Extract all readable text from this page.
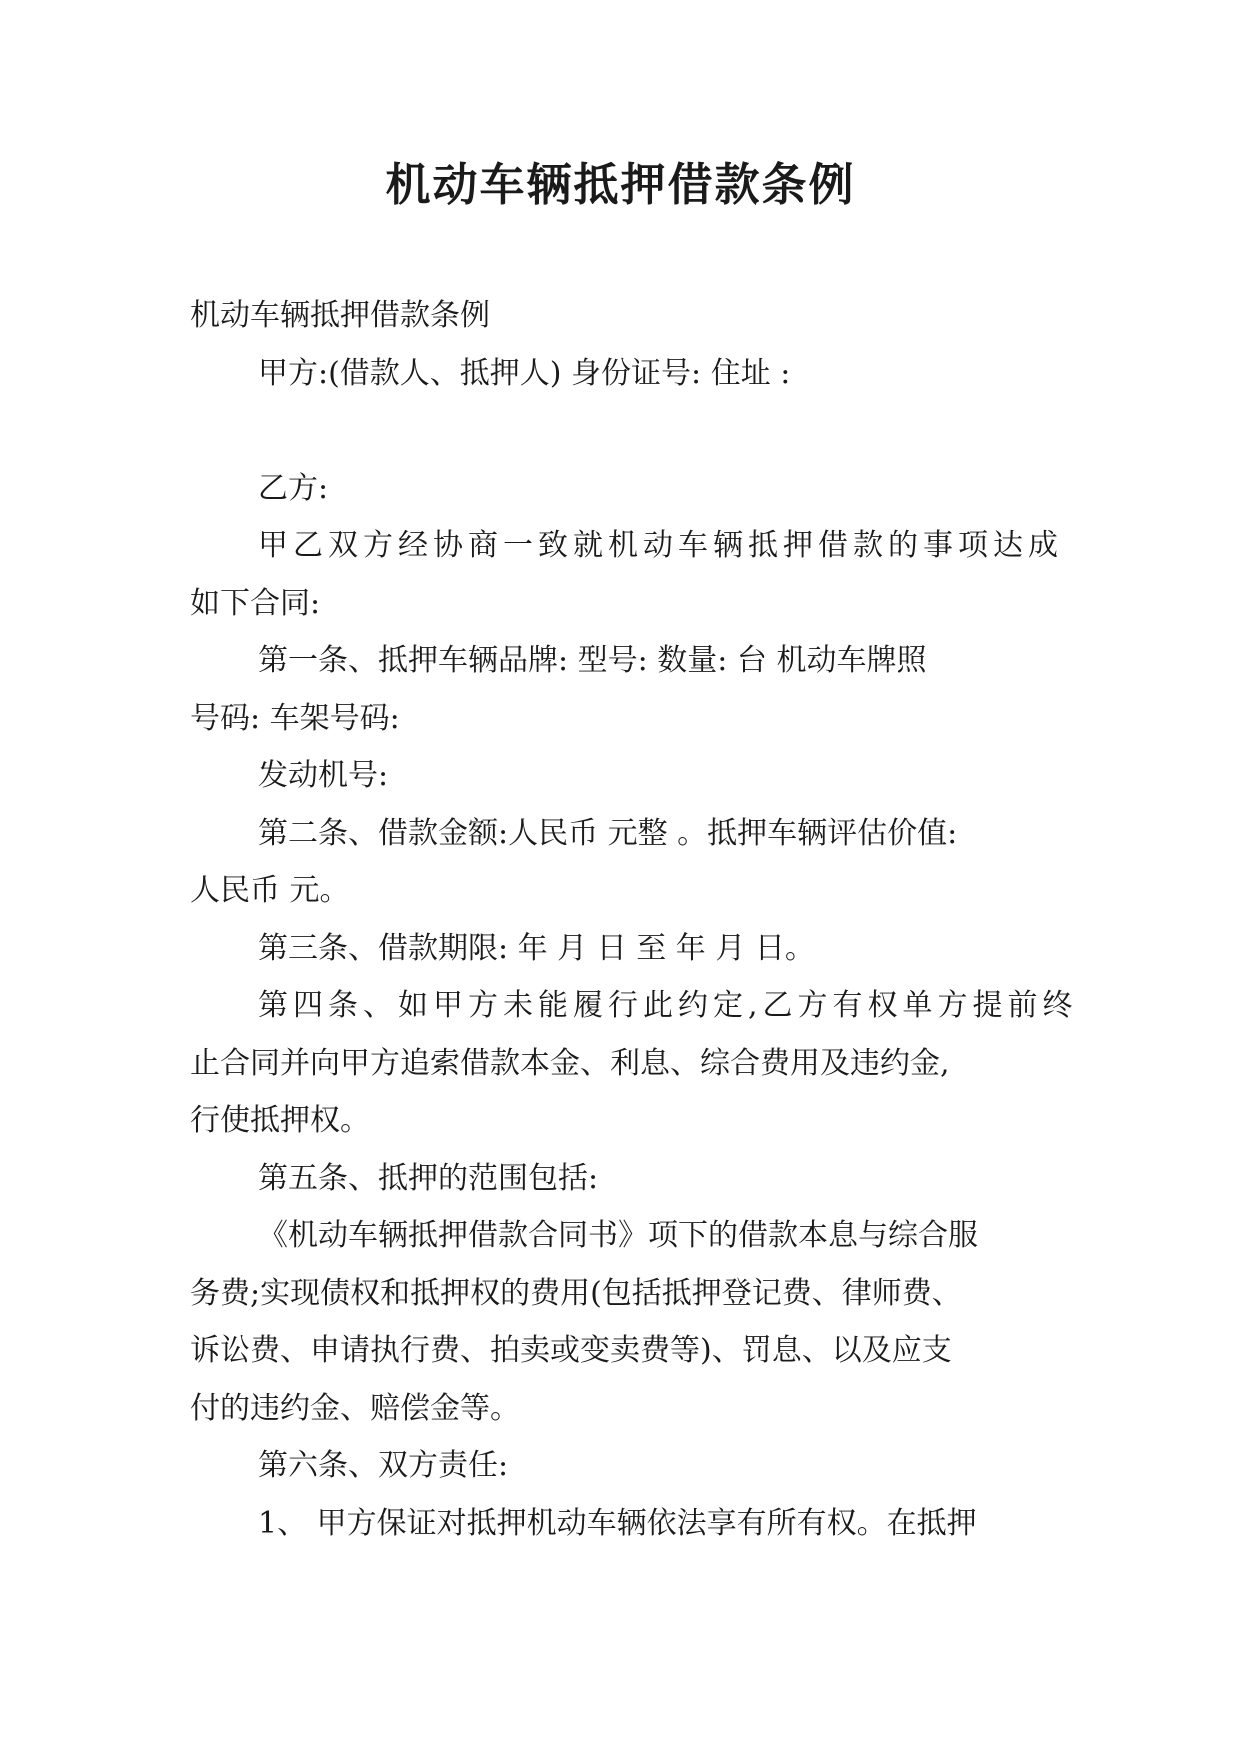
机动车辆抵押借款条例
机动车辆抵押借款条例
甲方:(借款人、抵押人) 身份证号: 住址 :
乙方:
甲乙双方经协商一致就机动车辆抵押借款的事项达成
如下合同:
第一条、抵押车辆品牌: 型号: 数量: 台 机动车牌照
号码: 车架号码:
发动机号:
第二条、借款金额:人民币 元整 。抵押车辆评估价值:
人民币 元。
第三条、借款期限: 年 月 日 至 年 月 日。
第四条、如甲方未能履行此约定,乙方有权单方提前终
止合同并向甲方追索借款本金、利息、综合费用及违约金,
行使抵押权。
第五条、抵押的范围包括:
《机动车辆抵押借款合同书》项下的借款本息与综合服
务费;实现债权和抵押权的费用(包括抵押登记费、律师费、
诉讼费、申请执行费、拍卖或变卖费等)、罚息、以及应支
付的违约金、赔偿金等。
第六条、双方责任:
1、 甲方保证对抵押机动车辆依法享有所有权。在抵押
